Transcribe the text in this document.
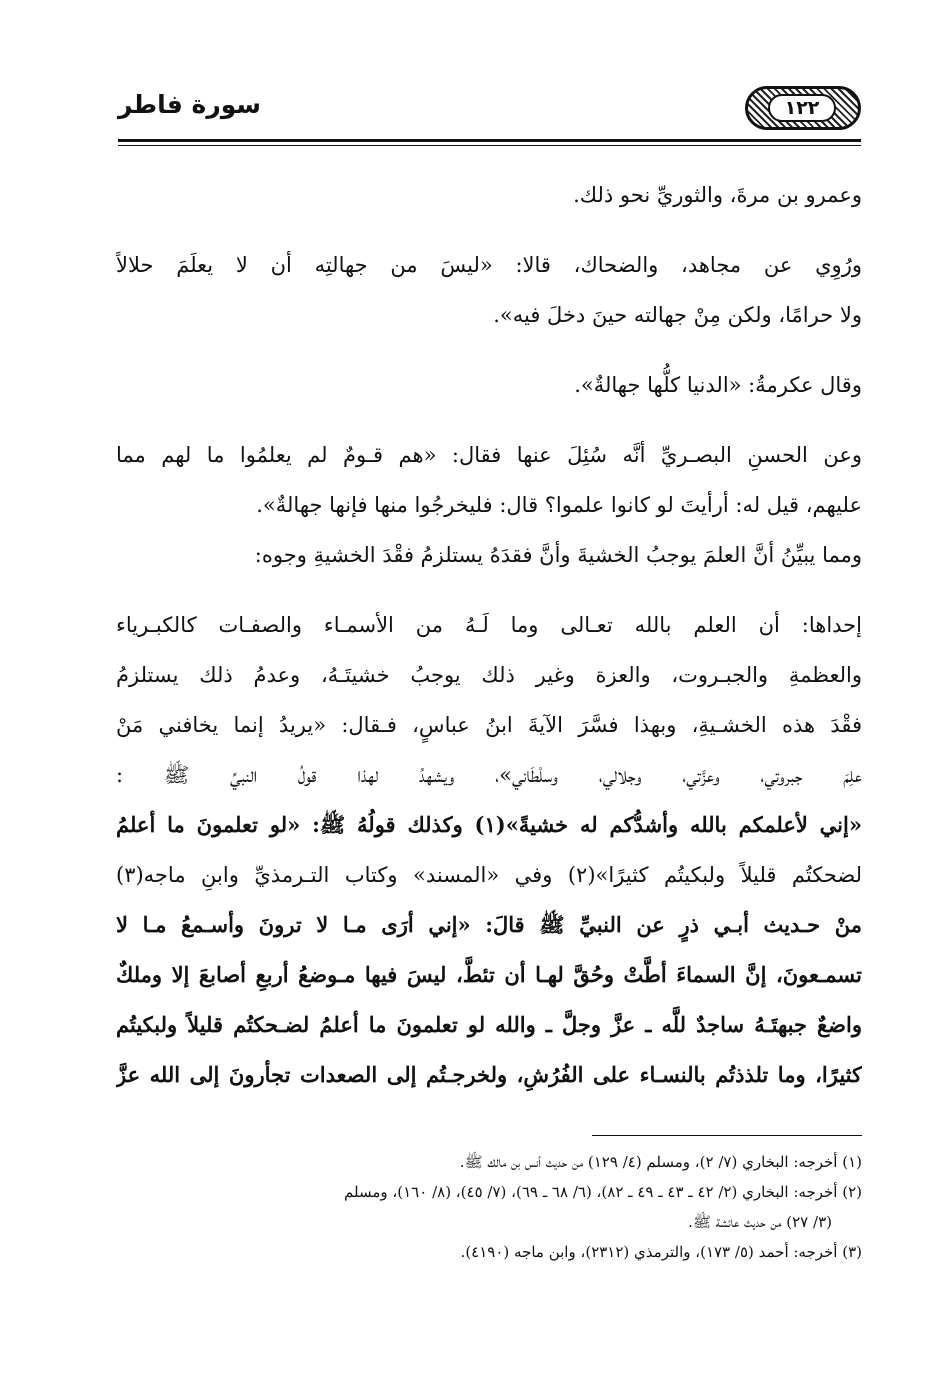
سورة فاطر	١٢٢
وعمرو بن مرةَ، والثوريِّ نحو ذلك.
ورُوِي عن مجاهد، والضحاك، قالا: «ليسَ من جهالتِه أن لا يعلَمَ حلالاً
ولا حرامًا، ولكن مِنْ جهالته حينَ دخلَ فيه».
وقال عكرمةُ: «الدنيا كلُّها جهالةٌ».
وعن الحسنِ البصـريِّ أنَّه سُئِلَ عنها فقال: «هم قـومٌ لم يعلمُوا ما لهم مما
عليهم، قيل له: أرأيتَ لو كانوا علموا؟ قال: فليخرجُوا منها فإنها جهالةٌ».
ومما يبيِّنُ أنَّ العلمَ يوجبُ الخشيةَ وأنَّ فقدَهُ يستلزمُ فقْدَ الخشيةِ وجوه:
إحداها: أن العلم بالله تعـالى وما لَـهُ من الأسمـاء والصفـات كالكبـرياء
والعظمةِ والجبـروت، والعزة وغير ذلك يوجبُ خشيتَـهُ، وعدمُ ذلك يستلزمُ
فقْدَ هذه الخشـيةِ، وبهذا فسَّرَ الآيةَ ابنُ عباسٍ، فـقال: «يريدُ إنما يخافني مَنْ
علِمَ جبروتي، وعزَّتي، وجلالي، وسلْطَاني»، ويشهدُ لهذا قولُ النبيِّ ﷺ :
«إني لأعلمكم بالله وأشدُّكم له خشيةً»(١) وكذلك قولُهُ ﷺ: «لو تعلمونَ ما أعلمُ
لضحكتُم قليلاً ولبكيتُم كثيرًا»(٢) وفي «المسند» وكتاب التـرمذيِّ وابنِ ماجه(٣)
منْ حـديث أبـي ذرٍ عن النبيِّ ﷺ قالَ: «إني أرَى مـا لا ترونَ وأسـمعُ مـا لا
تسمـعونَ، إنَّ السماءَ أطَّتْ وحُقَّ لهـا أن تئطَّ، ليسَ فيها مـوضعُ أربعِ أصابعَ إلا وملكٌ
واضعٌ جبهتَـهُ ساجدٌ للَّه ـ عزَّ وجلَّ ـ والله لو تعلمونَ ما أعلمُ لضـحكتُم قليلاً ولبكيتُم
كثيرًا، وما تلذذتُم بالنسـاء على الفُرُشِ، ولخرجـتُم إلى الصعدات تجأرونَ إلى الله عزَّ
(١) أخرجه: البخاري (٧/ ٢)، ومسلم (٤/ ١٢٩) من حديث أنس بن مالك ﷺ.
(٢) أخرجه: البخاري (٢/ ٤٢ ـ ٤٣ ـ ٤٩ ـ ٨٢)، (٦/ ٦٨ ـ ٦٩)، (٧/ ٤٥)، (٨/ ١٦٠)، ومسلم
(٣/ ٢٧) من حديث عائشة ﷺ.
(٣) أخرجه: أحمد (٥/ ١٧٣)، والترمذي (٢٣١٢)، وابن ماجه (٤١٩٠).
